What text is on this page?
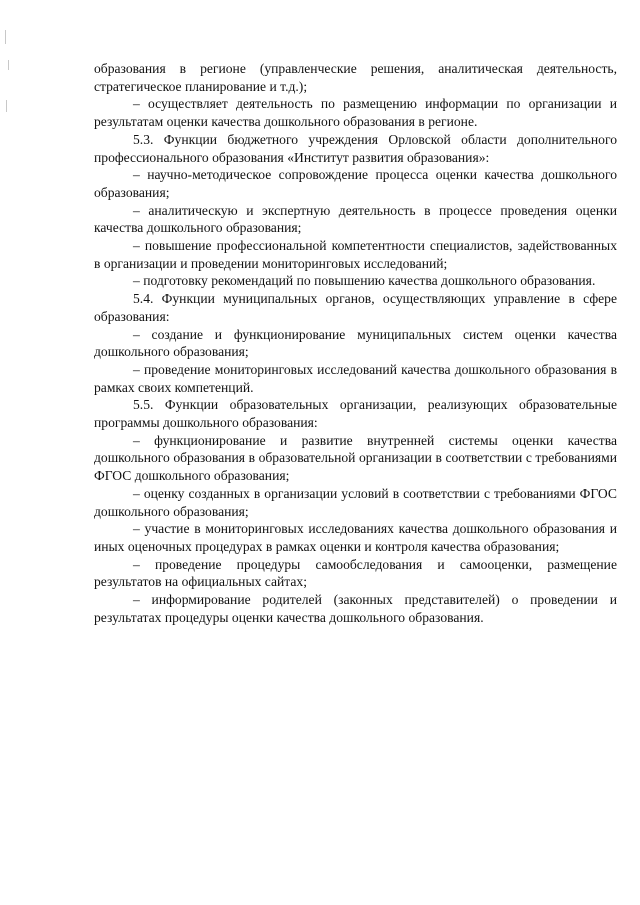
образования в регионе (управленческие решения, аналитическая деятельность, стратегическое планирование и т.д.);

– осуществляет деятельность по размещению информации по организации и результатам оценки качества дошкольного образования в регионе.

5.3. Функции бюджетного учреждения Орловской области дополнительного профессионального образования «Институт развития образования»:

– научно-методическое сопровождение процесса оценки качества дошкольного образования;

– аналитическую и экспертную деятельность в процессе проведения оценки качества дошкольного образования;

– повышение профессиональной компетентности специалистов, задействованных в организации и проведении мониторинговых исследований;

– подготовку рекомендаций по повышению качества дошкольного образования.

5.4. Функции муниципальных органов, осуществляющих управление в сфере образования:

– создание и функционирование муниципальных систем оценки качества дошкольного образования;

– проведение мониторинговых исследований качества дошкольного образования в рамках своих компетенций.

5.5. Функции образовательных организации, реализующих образовательные программы дошкольного образования:

– функционирование и развитие внутренней системы оценки качества дошкольного образования в образовательной организации в соответствии с требованиями ФГОС дошкольного образования;

– оценку созданных в организации условий в соответствии с требованиями ФГОС дошкольного образования;

– участие в мониторинговых исследованиях качества дошкольного образования и иных оценочных процедурах в рамках оценки и контроля качества образования;

– проведение процедуры самообследования и самооценки, размещение результатов на официальных сайтах;

– информирование родителей (законных представителей) о проведении и результатах процедуры оценки качества дошкольного образования.
